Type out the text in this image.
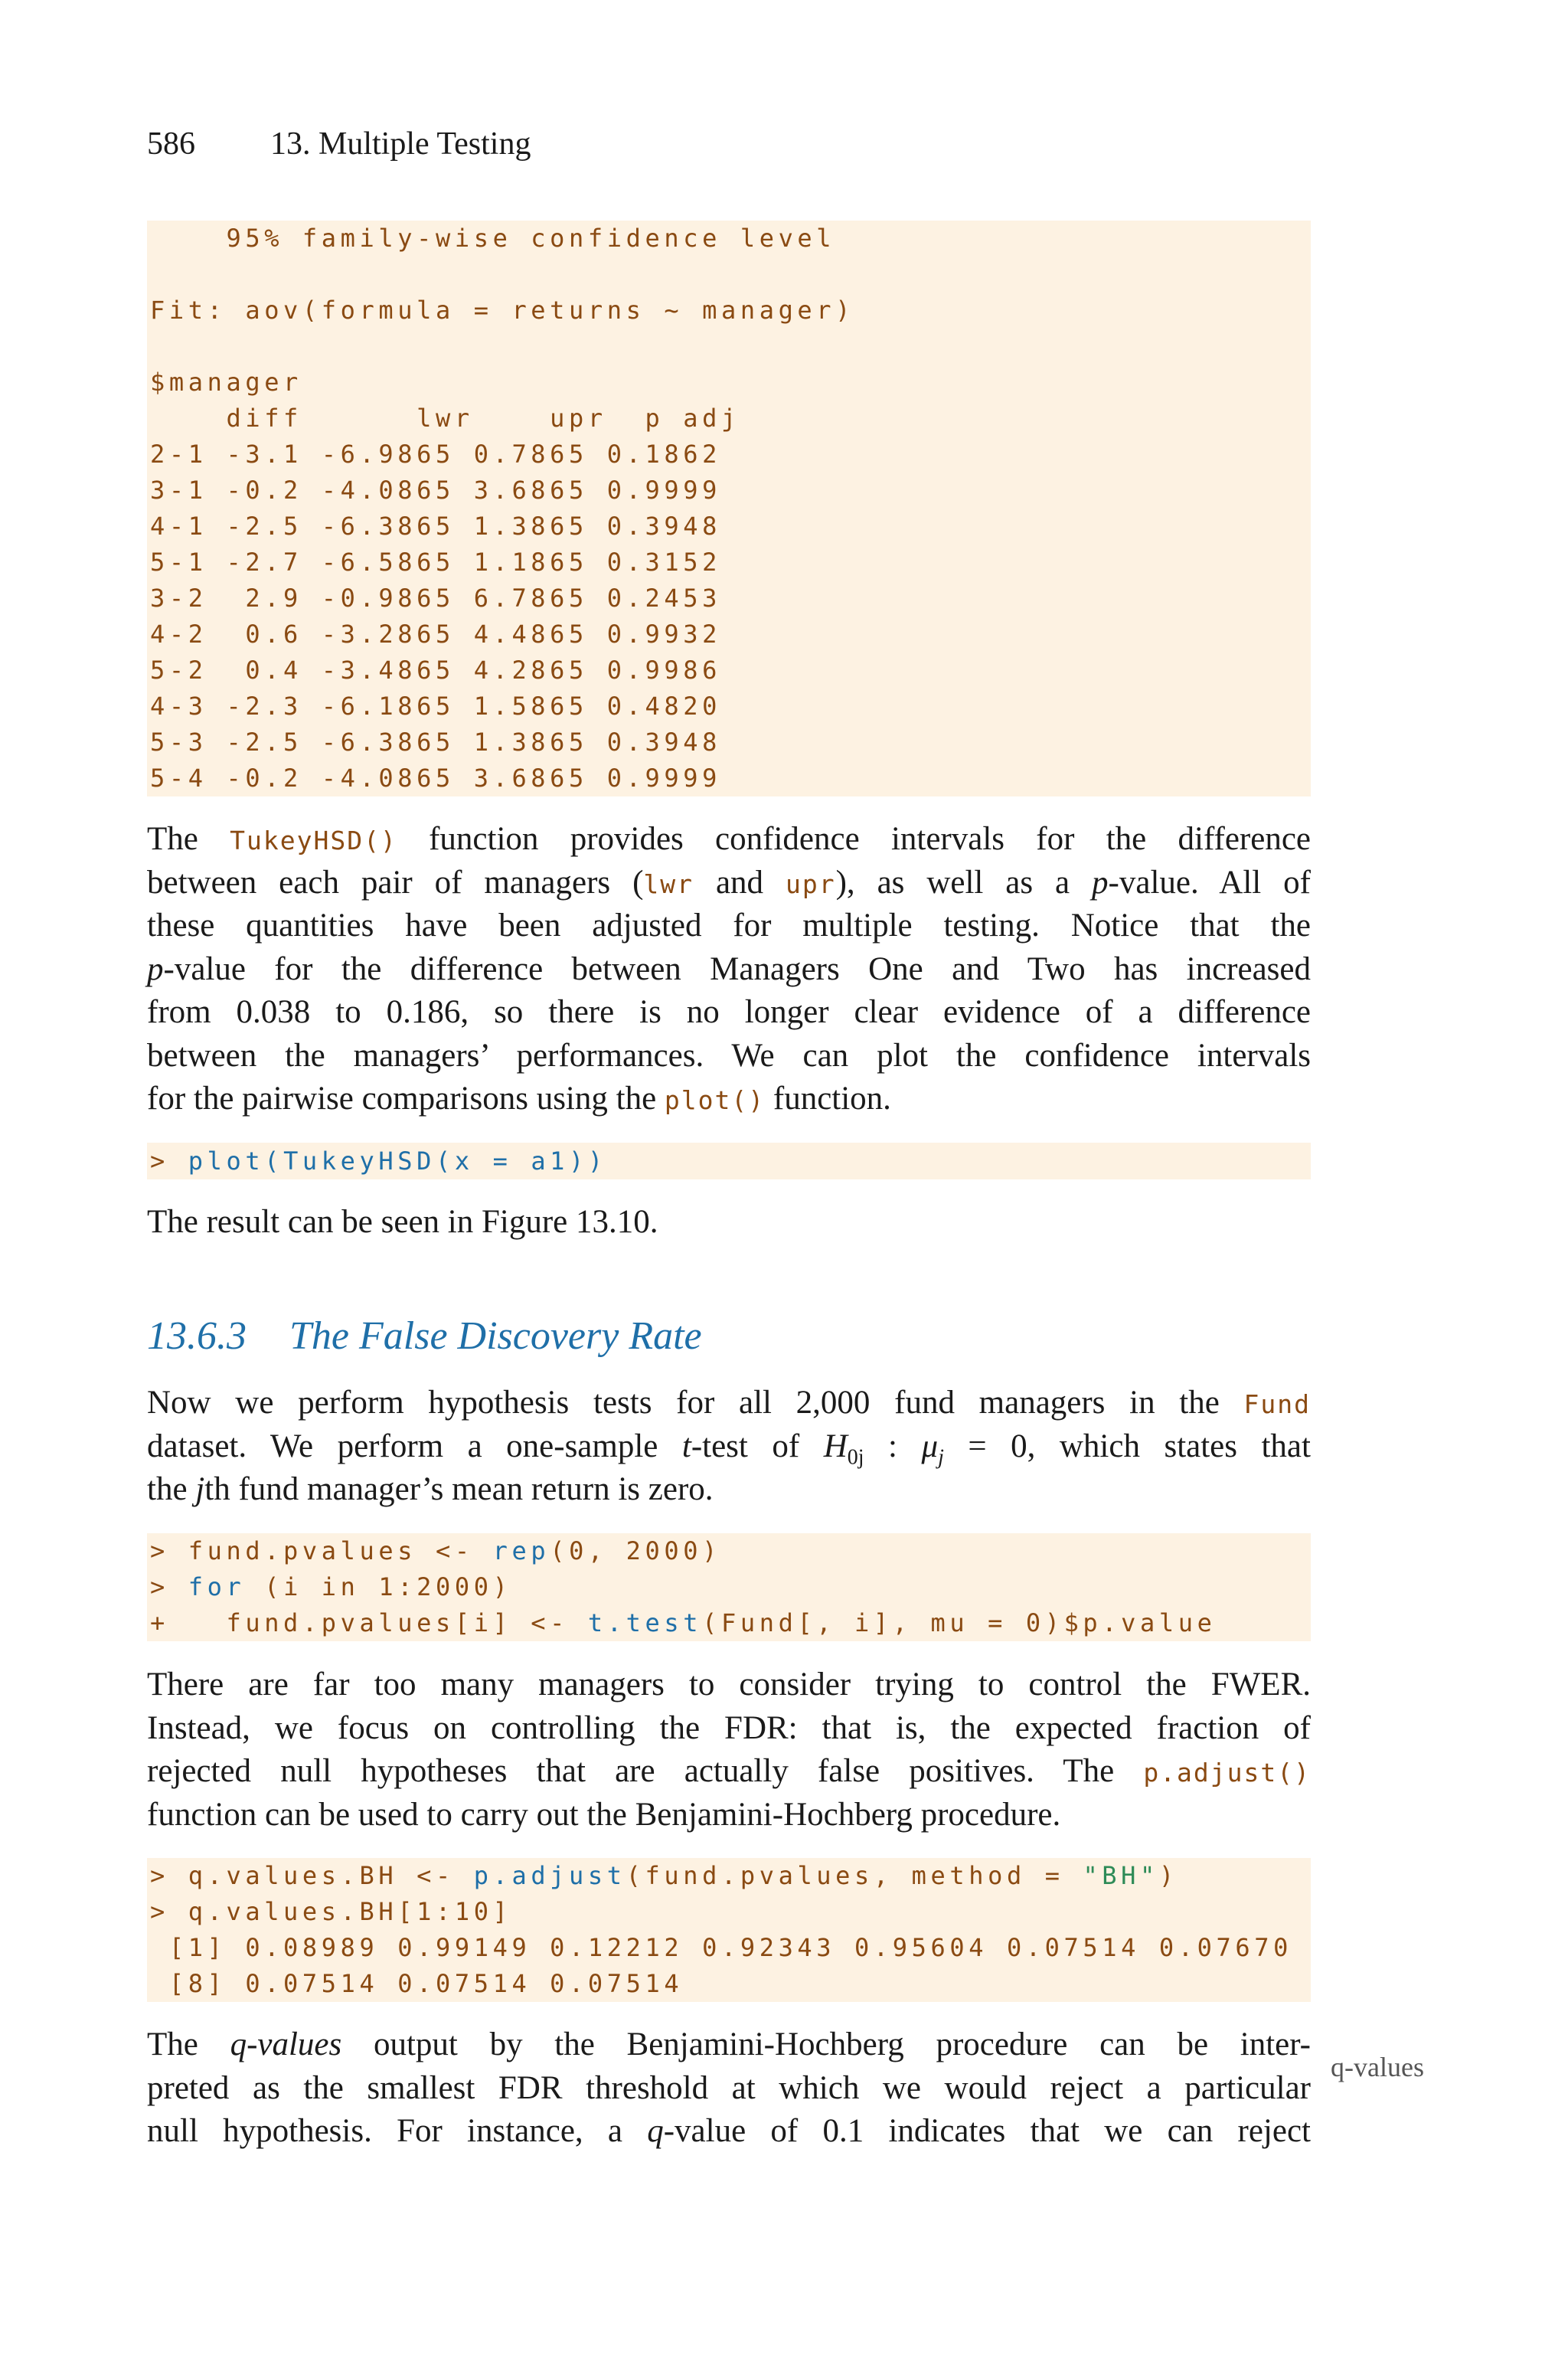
586 13. Multiple Testing
95% family-wise confidence level
Fit: aov(formula = returns ~ manager)
$manager
diff      lwr    upr  p adj
2-1 -3.1 -6.9865 0.7865 0.1862
3-1 -0.2 -4.0865 3.6865 0.9999
4-1 -2.5 -6.3865 1.3865 0.3948
5-1 -2.7 -6.5865 1.1865 0.3152
3-2  2.9 -0.9865 6.7865 0.2453
4-2  0.6 -3.2865 4.4865 0.9932
5-2  0.4 -3.4865 4.2865 0.9986
4-3 -2.3 -6.1865 1.5865 0.4820
5-3 -2.5 -6.3865 1.3865 0.3948
5-4 -0.2 -4.0865 3.6865 0.9999
The TukeyHSD() function provides confidence intervals for the difference
between each pair of managers (lwr and upr), as well as a p-value. All of
these quantities have been adjusted for multiple testing. Notice that the
p-value for the difference between Managers One and Two has increased
from 0.038 to 0.186, so there is no longer clear evidence of a difference
between the managers’ performances. We can plot the confidence intervals
for the pairwise comparisons using the plot() function.
> plot(TukeyHSD(x = a1))
The result can be seen in Figure 13.10.
13.6.3 The False Discovery Rate
Now we perform hypothesis tests for all 2,000 fund managers in the Fund
dataset. We perform a one-sample t-test of $H_{0j}$ : $\mu_j = 0$, which states that
the jth fund manager’s mean return is zero.
> fund.pvalues <- rep(0, 2000)
> for (i in 1:2000)
+   fund.pvalues[i] <- t.test(Fund[, i], mu = 0)$p.value
There are far too many managers to consider trying to control the FWER.
Instead, we focus on controlling the FDR: that is, the expected fraction of
rejected null hypotheses that are actually false positives. The p.adjust()
function can be used to carry out the Benjamini-Hochberg procedure.
> q.values.BH <- p.adjust(fund.pvalues, method = "BH")
> q.values.BH[1:10]
[1] 0.08989 0.99149 0.12212 0.92343 0.95604 0.07514 0.07670
[8] 0.07514 0.07514 0.07514
The q-values output by the Benjamini-Hochberg procedure can be inter-
preted as the smallest FDR threshold at which we would reject a particular
null hypothesis. For instance, a q-value of 0.1 indicates that we can reject
q-values
